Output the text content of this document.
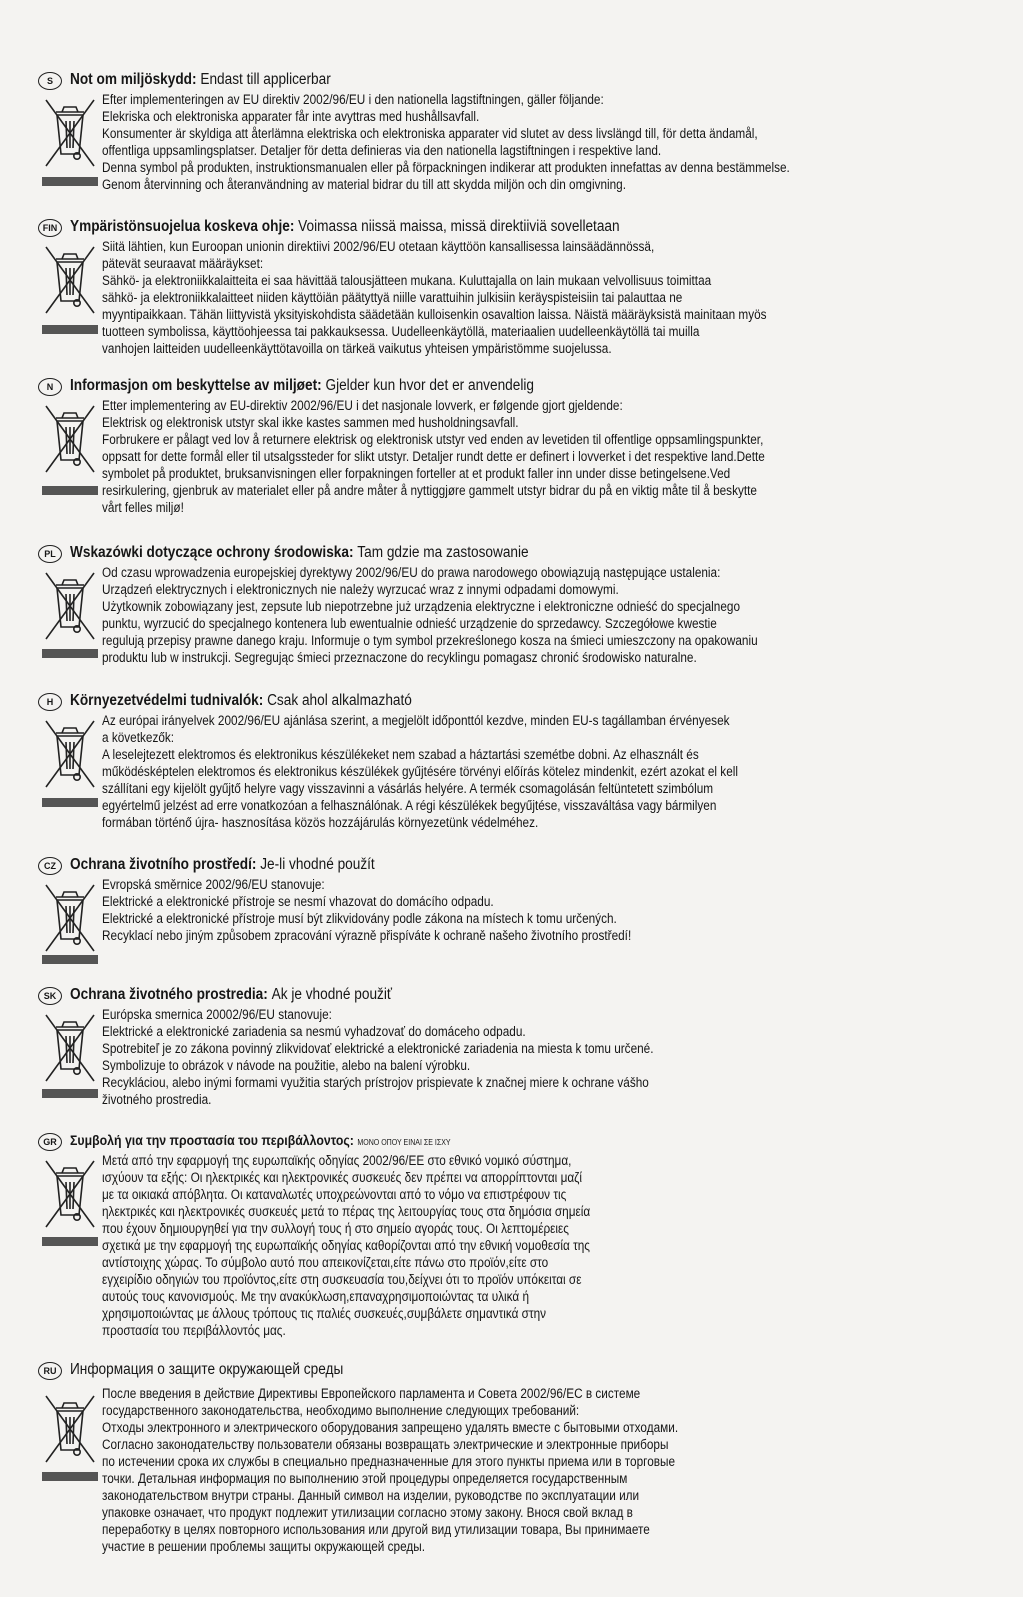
S	Not om miljöskydd: Endast till applicerbar

Efter implementeringen av EU direktiv 2002/96/EU i den nationella lagstiftningen, gäller följande:

Elekriska och elektroniska apparater får inte avyttras med hushållsavfall.

Konsumenter är skyldiga att återlämna elektriska och elektroniska apparater vid slutet av dess livslängd till, för detta ändamål,

offentliga uppsamlingsplatser. Detaljer för detta definieras via den nationella lagstiftningen i respektive land.

Denna symbol på produkten, instruktionsmanualen eller på förpackningen indikerar att produkten innefattas av denna bestämmelse.

Genom återvinning och återanvändning av material bidrar du till att skydda miljön och din omgivning.

FIN Ympäristönsuojelua koskeva ohje: Voimassa niissä maissa, missä direktiiviä sovelletaan

Siitä lähtien, kun Euroopan unionin direktiivi 2002/96/EU otetaan käyttöön kansallisessa lainsäädännössä,

pätevät seuraavat määräykset:

Sähkö- ja elektroniikkalaitteita ei saa hävittää talousjätteen mukana. Kuluttajalla on lain mukaan velvollisuus toimittaa

sähkö- ja elektroniikkalaitteet niiden käyttöiän päätyttyä niille varattuihin julkisiin keräyspisteisiin tai palauttaa ne

myyntipaikkaan. Tähän liittyvistä yksityiskohdista säädetään kulloisenkin osavaltion laissa. Näistä määräyksistä mainitaan myös

tuotteen symbolissa, käyttöohjeessa tai pakkauksessa. Uudelleenkäytöllä, materiaalien uudelleenkäytöllä tai muilla

vanhojen laitteiden uudelleenkäyttötavoilla on tärkeä vaikutus yhteisen ympäristömme suojelussa.

N	Informasjon om beskyttelse av miljøet: Gjelder kun hvor det er anvendelig

Etter implementering av EU-direktiv 2002/96/EU i det nasjonale lovverk, er følgende gjort gjeldende:

Elektrisk og elektronisk utstyr skal ikke kastes sammen med husholdningsavfall.

Forbrukere er pålagt ved lov å returnere elektrisk og elektronisk utstyr ved enden av levetiden til offentlige oppsamlingspunkter,

oppsatt for dette formål eller til utsalgssteder for slikt utstyr. Detaljer rundt dette er definert i lovverket i det respektive land.Dette

symbolet på produktet, bruksanvisningen eller forpakningen forteller at et produkt faller inn under disse betingelsene.Ved

resirkulering, gjenbruk av materialet eller på andre måter å nyttiggjøre gammelt utstyr bidrar du på en viktig måte til å beskytte

vårt felles miljø!

PL Wskazówki dotyczące ochrony środowiska: Tam gdzie ma zastosowanie

Od czasu wprowadzenia europejskiej dyrektywy 2002/96/EU do prawa narodowego obowiązują następujące ustalenia:

Urządzeń elektrycznych i elektronicznych nie należy wyrzucać wraz z innymi odpadami domowymi.

Użytkownik zobowiązany jest, zepsute lub niepotrzebne już urządzenia elektryczne i elektroniczne odnieść do specjalnego

punktu, wyrzucić do specjalnego kontenera lub ewentualnie odnieść urządzenie do sprzedawcy. Szczegółowe kwestie

regulują przepisy prawne danego kraju. Informuje o tym symbol przekreślonego kosza na śmieci umieszczony na opakowaniu

produktu lub w instrukcji. Segregując śmieci przeznaczone do recyklingu pomagasz chronić środowisko naturalne.

H	Környezetvédelmi tudnivalók: Csak ahol alkalmazható

Az európai irányelvek 2002/96/EU ajánlása szerint, a megjelölt időponttól kezdve, minden EU-s tagállamban érvényesek

a következők:

A leselejtezett elektromos és elektronikus készülékeket nem szabad a háztartási szemétbe dobni. Az elhasznált és

működésképtelen elektromos és elektronikus készülékek gyűjtésére törvényi előírás kötelez mindenkit, ezért azokat el kell

szállítani egy kijelölt gyűjtő helyre vagy visszavinni a vásárlás helyére. A termék csomagolásán feltüntetett szimbólum

egyértelmű jelzést ad erre vonatkozóan a felhasználónak. A régi készülékek begyűjtése, visszaváltása vagy bármilyen

formában történő újra- hasznosítása közös hozzájárulás környezetünk védelméhez.

CZ Ochrana životního prostředí: Je-li vhodné použít

Evropská směrnice 2002/96/EU stanovuje:

Elektrické a elektronické přístroje se nesmí vhazovat do domácího odpadu.

Elektrické a elektronické přístroje musí být zlikvidovány podle zákona na místech k tomu určených.

Recyklací nebo jiným způsobem zpracování výrazně přispíváte k ochraně našeho životního prostředí!

SK Ochrana životného prostredia: Ak je vhodné použiť

Európska smernica 20002/96/EU stanovuje:

Elektrické a elektronické zariadenia sa nesmú vyhadzovať do domáceho odpadu.

Spotrebiteľ je zo zákona povinný zlikvidovať elektrické a elektronické zariadenia na miesta k tomu určené.

Symbolizuje to obrázok v návode na použitie, alebo na balení výrobku.

Recykláciou, alebo inými formami využitia starých prístrojov prispievate k značnej miere k ochrane vášho

životného prostredia.

GR Συμβολή για την προστασία του περιβάλλοντος: ΜΟΝΟ ΟΠΟΥ ΕΙΝΑΙ ΣΕ ΙΣΧΥ

Μετά από την εφαρμογή της ευρωπαϊκής οδηγίας 2002/96/ΕΕ στο εθνικό νομικό σύστημα,

ισχύουν τα εξής: Οι ηλεκτρικές και ηλεκτρονικές συσκευές δεν πρέπει να απορρίπτονται μαζί

με τα οικιακά απόβλητα. Οι καταναλωτές υποχρεώνονται από το νόμο να επιστρέφουν τις

ηλεκτρικές και ηλεκτρονικές συσκευές μετά το πέρας της λειτουργίας τους στα δημόσια σημεία

που έχουν δημιουργηθεί για την συλλογή τους ή στο σημείο αγοράς τους. Οι λεπτομέρειες

σχετικά με την εφαρμογή της ευρωπαϊκής οδηγίας καθορίζονται από την εθνική νομοθεσία της

αντίστοιχης χώρας. Το σύμβολο αυτό που απεικονίζεται,είτε πάνω στο προϊόν,είτε στο

εγχειρίδιο οδηγιών του προϊόντος,είτε στη συσκευασία του,δείχνει ότι το προϊόν υπόκειται σε

αυτούς τους κανονισμούς. Με την ανακύκλωση,επαναχρησιμοποιώντας τα υλικά ή

χρησιμοποιώντας με άλλους τρόπους τις παλιές συσκευές,συμβάλετε σημαντικά στην

προστασία του περιβάλλοντός μας.

RU Информация о защите окружающей среды

После введения в действие Директивы Европейского парламента и Совета 2002/96/ЕС в системе

государственного законодательства, необходимо выполнение следующих требований:

Отходы электронного и электрического оборудования запрещено удалять вместе с бытовыми отходами.

Согласно законодательству пользователи обязаны возвращать электрические и электронные приборы

по истечении срока их службы в специально предназначенные для этого пункты приема или в торговые

точки. Детальная информация по выполнению этой процедуры определяется государственным

законодательством внутри страны. Данный символ на изделии, руководстве по эксплуатации или

упаковке означает, что продукт подлежит утилизации согласно этому закону. Внося свой вклад в

переработку в целях повторного использования или другой вид утилизации товара, Вы принимаете

участие в решении проблемы защиты окружающей среды.
